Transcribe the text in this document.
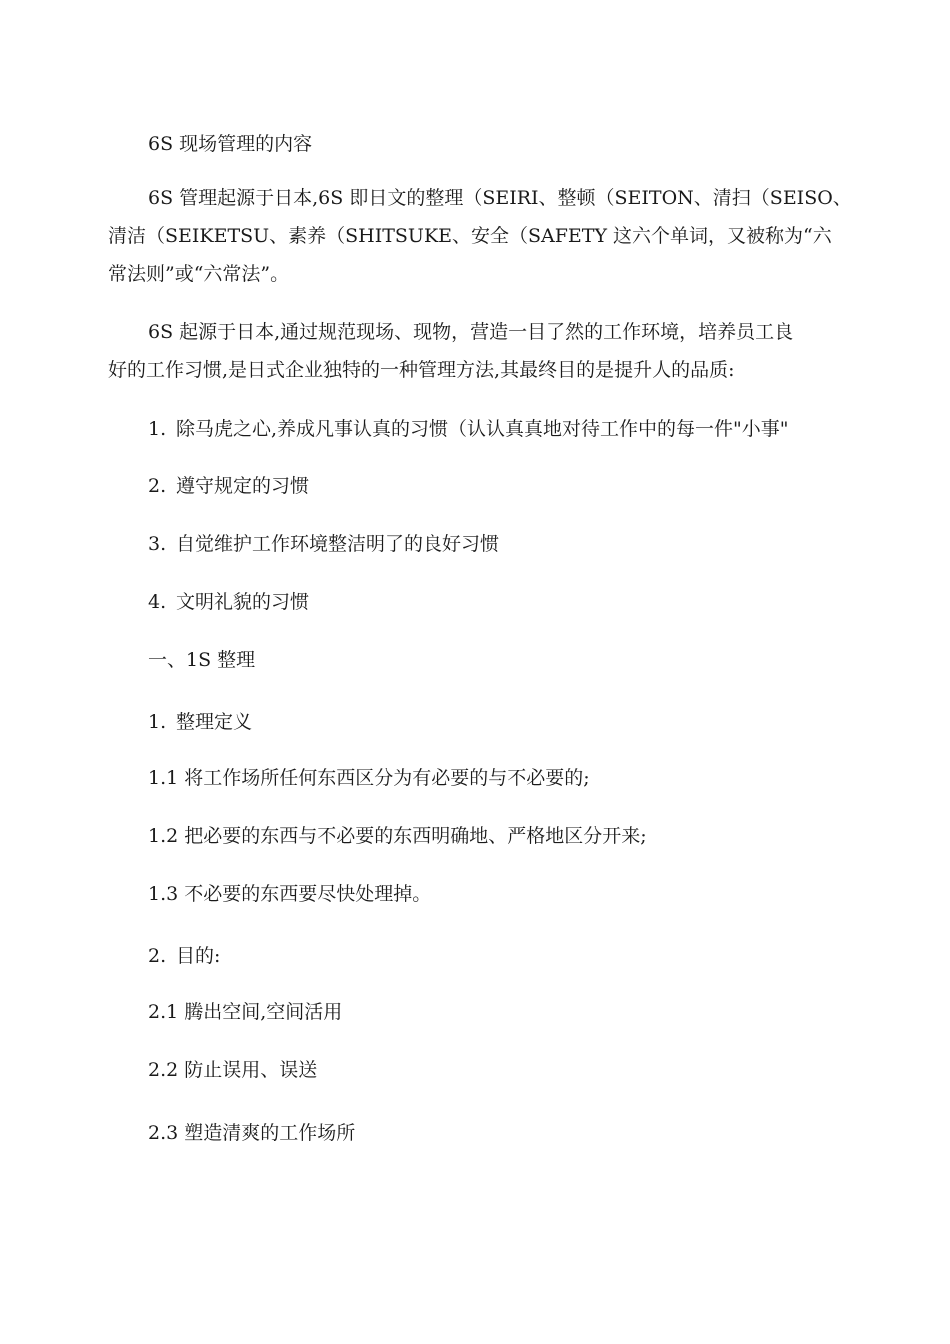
6S 现场管理的内容
6S 管理起源于日本,6S 即日文的整理（SEIRI、整顿（SEITON、清扫（SEISO、
清洁（SEIKETSU、素养（SHITSUKE、安全（SAFETY 这六个单词，又被称为“六
常法则”或“六常法”。
6S 起源于日本,通过规范现场、现物，营造一目了然的工作环境，培养员工良
好的工作习惯,是日式企业独特的一种管理方法,其最终目的是提升人的品质:
1. 除马虎之心,养成凡事认真的习惯（认认真真地对待工作中的每一件"小事"
2. 遵守规定的习惯
3. 自觉维护工作环境整洁明了的良好习惯
4. 文明礼貌的习惯
一、1S 整理
1. 整理定义
1.1 将工作场所任何东西区分为有必要的与不必要的;
1.2 把必要的东西与不必要的东西明确地、严格地区分开来;
1.3 不必要的东西要尽快处理掉。
2. 目的:
2.1 腾出空间,空间活用
2.2 防止误用、误送
2.3 塑造清爽的工作场所
